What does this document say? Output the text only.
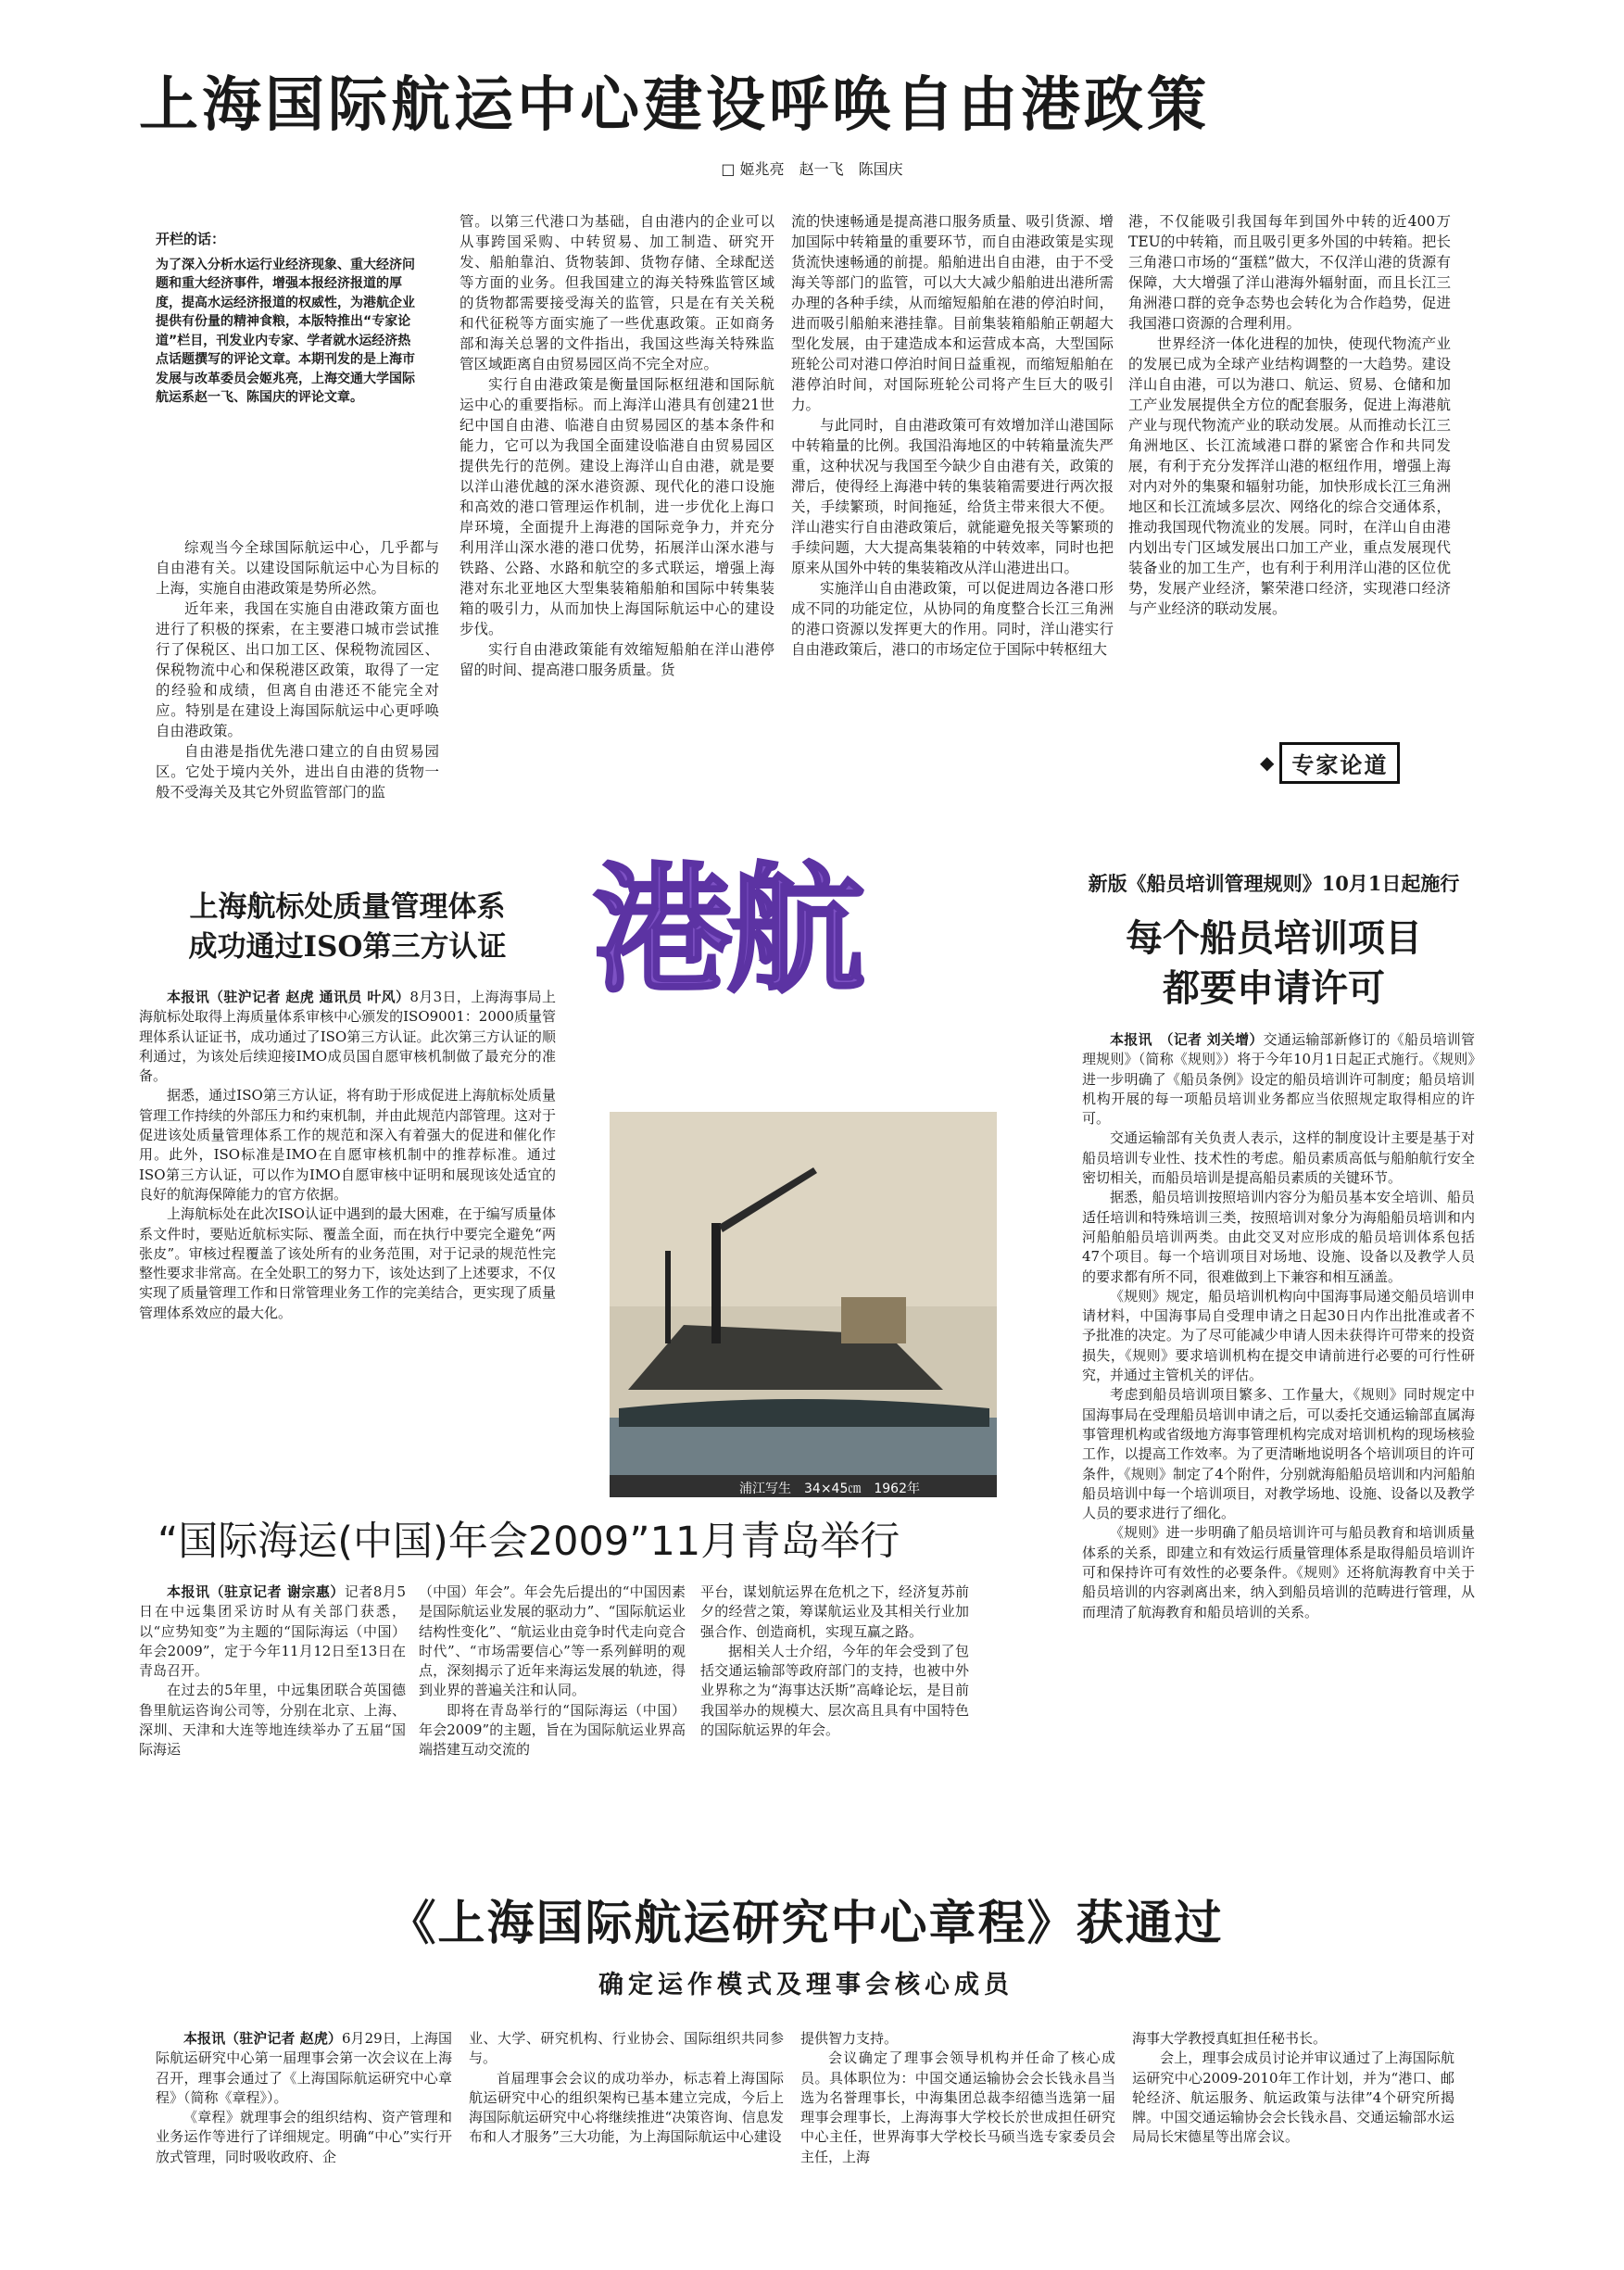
上海国际航运中心建设呼唤自由港政策
□ 姬兆亮　赵一飞　陈国庆
开栏的话：
为了深入分析水运行业经济现象、重大经济问题和重大经济事件，增强本报经济报道的厚度，提高水运经济报道的权威性，为港航企业提供有份量的精神食粮，本版特推出“专家论道”栏目，刊发业内专家、学者就水运经济热点话题撰写的评论文章。本期刊发的是上海市发展与改革委员会姬兆亮，上海交通大学国际航运系赵一飞、陈国庆的评论文章。

综观当今全球国际航运中心，几乎都与自由港有关。以建设国际航运中心为目标的上海，实施自由港政策是势所必然。

近年来，我国在实施自由港政策方面也进行了积极的探索，在主要港口城市尝试推行了保税区、出口加工区、保税物流园区、保税物流中心和保税港区政策，取得了一定的经验和成绩，但离自由港还不能完全对应。特别是在建设上海国际航运中心更呼唤自由港政策。

自由港是指优先港口建立的自由贸易园区。它处于境内关外，进出自由港的货物一般不受海关及其它外贸监管部门的监

管。以第三代港口为基础，自由港内的企业可以从事跨国采购、中转贸易、加工制造、研究开发、船舶靠泊、货物装卸、货物存储、全球配送等方面的业务。但我国建立的海关特殊监管区域的货物都需要接受海关的监管，只是在有关关税和代征税等方面实施了一些优惠政策。正如商务部和海关总署的文件指出，我国这些海关特殊监管区域距离自由贸易园区尚不完全对应。

实行自由港政策是衡量国际枢纽港和国际航运中心的重要指标。而上海洋山港具有创建21世纪中国自由港、临港自由贸易园区的基本条件和能力，它可以为我国全面建设临港自由贸易园区提供先行的范例。建设上海洋山自由港，就是要以洋山港优越的深水港资源、现代化的港口设施和高效的港口管理运作机制，进一步优化上海口岸环境，全面提升上海港的国际竞争力，并充分利用洋山深水港的港口优势，拓展洋山深水港与铁路、公路、水路和航空的多式联运，增强上海港对东北亚地区大型集装箱船舶和国际中转集装箱的吸引力，从而加快上海国际航运中心的建设步伐。

实行自由港政策能有效缩短船舶在洋山港停留的时间、提高港口服务质量。货

流的快速畅通是提高港口服务质量、吸引货源、增加国际中转箱量的重要环节，而自由港政策是实现货流快速畅通的前提。船舶进出自由港，由于不受海关等部门的监管，可以大大减少船舶进出港所需办理的各种手续，从而缩短船舶在港的停泊时间，进而吸引船舶来港挂靠。目前集装箱船舶正朝超大型化发展，由于建造成本和运营成本高，大型国际班轮公司对港口停泊时间日益重视，而缩短船舶在港停泊时间，对国际班轮公司将产生巨大的吸引力。

与此同时，自由港政策可有效增加洋山港国际中转箱量的比例。我国沿海地区的中转箱量流失严重，这种状况与我国至今缺少自由港有关，政策的滞后，使得经上海港中转的集装箱需要进行两次报关，手续繁琐，时间拖延，给货主带来很大不便。洋山港实行自由港政策后，就能避免报关等繁琐的手续问题，大大提高集装箱的中转效率，同时也把原来从国外中转的集装箱改从洋山港进出口。

实施洋山自由港政策，可以促进周边各港口形成不同的功能定位，从协同的角度整合长江三角洲的港口资源以发挥更大的作用。同时，洋山港实行自由港政策后，港口的市场定位于国际中转枢纽大

港，不仅能吸引我国每年到国外中转的近400万TEU的中转箱，而且吸引更多外国的中转箱。把长三角港口市场的“蛋糕”做大，不仅洋山港的货源有保障，大大增强了洋山港海外辐射面，而且长江三角洲港口群的竞争态势也会转化为合作趋势，促进我国港口资源的合理利用。

世界经济一体化进程的加快，使现代物流产业的发展已成为全球产业结构调整的一大趋势。建设洋山自由港，可以为港口、航运、贸易、仓储和加工产业发展提供全方位的配套服务，促进上海港航产业与现代物流产业的联动发展。从而推动长江三角洲地区、长江流域港口群的紧密合作和共同发展，有利于充分发挥洋山港的枢纽作用，增强上海对内对外的集聚和辐射功能，加快形成长江三角洲地区和长江流域多层次、网络化的综合交通体系，推动我国现代物流业的发展。同时，在洋山自由港内划出专门区域发展出口加工产业，重点发展现代装备业的加工生产，也有利于利用洋山港的区位优势，发展产业经济，繁荣港口经济，实现港口经济与产业经济的联动发展。

◆ 专家论道
上海航标处质量管理体系
成功通过ISO第三方认证

本报讯（驻沪记者 赵虎 通讯员 叶风）8月3日，上海海事局上海航标处取得上海质量体系审核中心颁发的ISO9001：2000质量管理体系认证证书，成功通过了ISO第三方认证。此次第三方认证的顺利通过，为该处后续迎接IMO成员国自愿审核机制做了最充分的准备。

据悉，通过ISO第三方认证，将有助于形成促进上海航标处质量管理工作持续的外部压力和约束机制，并由此规范内部管理。这对于促进该处质量管理体系工作的规范和深入有着强大的促进和催化作用。此外，ISO标准是IMO在自愿审核机制中的推荐标准。通过ISO第三方认证，可以作为IMO自愿审核中证明和展现该处适宜的良好的航海保障能力的官方依据。

上海航标处在此次ISO认证中遇到的最大困难，在于编写质量体系文件时，要贴近航标实际、覆盖全面，而在执行中要完全避免“两张皮”。审核过程覆盖了该处所有的业务范围，对于记录的规范性完整性要求非常高。在全处职工的努力下，该处达到了上述要求，不仅实现了质量管理工作和日常管理业务工作的完美结合，更实现了质量管理体系效应的最大化。

港航
浦江写生　34×45㎝　1962年
新版《船员培训管理规则》10月1日起施行
每个船员培训项目
都要申请许可

本报讯　（记者 刘关增）交通运输部新修订的《船员培训管理规则》（简称《规则》）将于今年10月1日起正式施行。《规则》进一步明确了《船员条例》设定的船员培训许可制度；船员培训机构开展的每一项船员培训业务都应当依照规定取得相应的许可。

交通运输部有关负责人表示，这样的制度设计主要是基于对船员培训专业性、技术性的考虑。船员素质高低与船舶航行安全密切相关，而船员培训是提高船员素质的关键环节。

据悉，船员培训按照培训内容分为船员基本安全培训、船员适任培训和特殊培训三类，按照培训对象分为海船船员培训和内河船舶船员培训两类。由此交叉对应形成的船员培训体系包括47个项目。每一个培训项目对场地、设施、设备以及教学人员的要求都有所不同，很难做到上下兼容和相互涵盖。

《规则》规定，船员培训机构向中国海事局递交船员培训申请材料，中国海事局自受理申请之日起30日内作出批准或者不予批准的决定。为了尽可能减少申请人因未获得许可带来的投资损失，《规则》要求培训机构在提交申请前进行必要的可行性研究，并通过主管机关的评估。

考虑到船员培训项目繁多、工作量大，《规则》同时规定中国海事局在受理船员培训申请之后，可以委托交通运输部直属海事管理机构或省级地方海事管理机构完成对培训机构的现场核验工作，以提高工作效率。为了更清晰地说明各个培训项目的许可条件，《规则》制定了4个附件，分别就海船船员培训和内河船舶船员培训中每一个培训项目，对教学场地、设施、设备以及教学人员的要求进行了细化。

《规则》进一步明确了船员培训许可与船员教育和培训质量体系的关系，即建立和有效运行质量管理体系是取得船员培训许可和保持许可有效性的必要条件。《规则》还将航海教育中关于船员培训的内容剥离出来，纳入到船员培训的范畴进行管理，从而理清了航海教育和船员培训的关系。

“国际海运(中国)年会2009”11月青岛举行

本报讯（驻京记者 谢宗惠）记者8月5日在中远集团采访时从有关部门获悉，以“应势知变”为主题的“国际海运（中国）年会2009”，定于今年11月12日至13日在青岛召开。

在过去的5年里，中远集团联合英国德鲁里航运咨询公司等，分别在北京、上海、深圳、天津和大连等地连续举办了五届“国际海运

（中国）年会”。年会先后提出的“中国因素是国际航运业发展的驱动力”、“国际航运业结构性变化”、“航运业由竞争时代走向竞合时代”、“市场需要信心”等一系列鲜明的观点，深刻揭示了近年来海运发展的轨迹，得到业界的普遍关注和认同。

即将在青岛举行的“国际海运（中国）年会2009”的主题，旨在为国际航运业界高端搭建互动交流的

平台，谋划航运界在危机之下，经济复苏前夕的经营之策，筹谋航运业及其相关行业加强合作、创造商机，实现互赢之路。

据相关人士介绍，今年的年会受到了包括交通运输部等政府部门的支持，也被中外业界称之为“海事达沃斯”高峰论坛，是目前我国举办的规模大、层次高且具有中国特色的国际航运界的年会。

《上海国际航运研究中心章程》获通过
确定运作模式及理事会核心成员

本报讯（驻沪记者 赵虎）6月29日，上海国际航运研究中心第一届理事会第一次会议在上海召开，理事会通过了《上海国际航运研究中心章程》（简称《章程》）。

《章程》就理事会的组织结构、资产管理和业务运作等进行了详细规定。明确“中心”实行开放式管理，同时吸收政府、企

业、大学、研究机构、行业协会、国际组织共同参与。

首届理事会会议的成功举办，标志着上海国际航运研究中心的组织架构已基本建立完成，今后上海国际航运研究中心将继续推进“决策咨询、信息发布和人才服务”三大功能，为上海国际航运中心建设

提供智力支持。

会议确定了理事会领导机构并任命了核心成员。具体职位为：中国交通运输协会会长钱永昌当选为名誉理事长，中海集团总裁李绍德当选第一届理事会理事长，上海海事大学校长於世成担任研究中心主任，世界海事大学校长马硕当选专家委员会主任，上海

海事大学教授真虹担任秘书长。

会上，理事会成员讨论并审议通过了上海国际航运研究中心2009-2010年工作计划，并为“港口、邮轮经济、航运服务、航运政策与法律”4个研究所揭牌。中国交通运输协会会长钱永昌、交通运输部水运局局长宋德星等出席会议。
